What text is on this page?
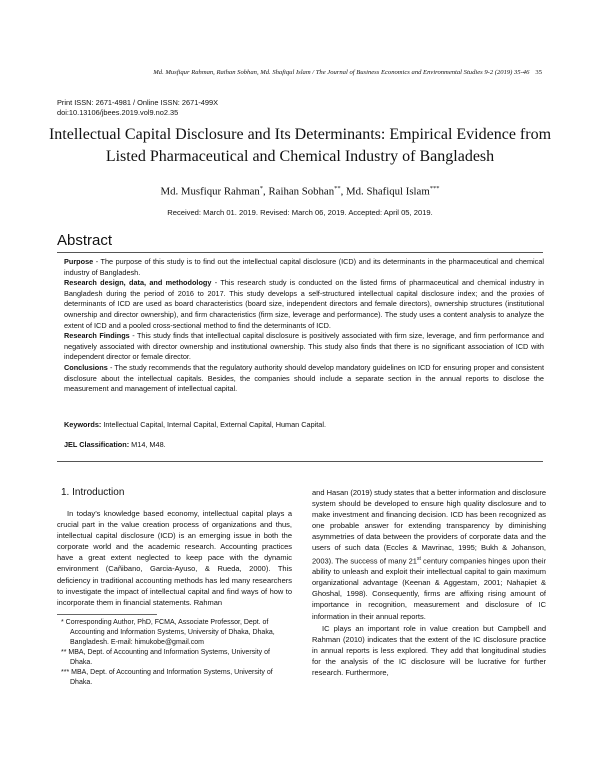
Md. Musfiqur Rahman, Raihan Sobhan, Md. Shafiqul Islam / The Journal of Business Economics and Environmental Studies 9-2 (2019) 35-46 35
Print ISSN: 2671-4981 / Online ISSN: 2671-499X
doi:10.13106/jbees.2019.vol9.no2.35
Intellectual Capital Disclosure and Its Determinants: Empirical Evidence from
Listed Pharmaceutical and Chemical Industry of Bangladesh
Md. Musfiqur Rahman*, Raihan Sobhan**, Md. Shafiqul Islam***
Received: March 01. 2019. Revised: March 06, 2019. Accepted: April 05, 2019.
Abstract

Purpose - The purpose of this study is to find out the intellectual capital disclosure (ICD) and its determinants in the pharmaceutical and chemical industry of Bangladesh.

Research design, data, and methodology - This research study is conducted on the listed firms of pharmaceutical and chemical industry in Bangladesh during the period of 2016 to 2017. This study develops a self-structured intellectual capital disclosure index; and the proxies of determinants of ICD are used as board characteristics (board size, independent directors and female directors), ownership structures (institutional ownership and director ownership), and firm characteristics (firm size, leverage and performance). The study uses a content analysis to analyze the extent of ICD and a pooled cross-sectional method to find the determinants of ICD.

Research Findings - This study finds that intellectual capital disclosure is positively associated with firm size, leverage, and firm performance and negatively associated with director ownership and institutional ownership. This study also finds that there is no significant association of ICD with independent director or female director.

Conclusions - The study recommends that the regulatory authority should develop mandatory guidelines on ICD for ensuring proper and consistent disclosure about the intellectual capitals. Besides, the companies should include a separate section in the annual reports to disclose the measurement and management of intellectual capital.

Keywords: Intellectual Capital, Internal Capital, External Capital, Human Capital.
JEL Classification: M14, M48.
1. Introduction

In today’s knowledge based economy, intellectual capital plays a crucial part in the value creation process of organizations and thus, intellectual capital disclosure (ICD) is an emerging issue in both the corporate world and the academic research. Accounting practices have a great extent neglected to keep pace with the dynamic environment (Cañibano, Garcia-Ayuso, & Rueda, 2000). This deficiency in traditional accounting methods has led many researchers to investigate the impact of intellectual capital and find ways of how to incorporate them in financial statements. Rahman

* Corresponding Author, PhD, FCMA, Associate Professor, Dept. of Accounting and Information Systems, University of Dhaka, Dhaka, Bangladesh. E-mail: himukobe@gmail.com

** MBA, Dept. of Accounting and Information Systems, University of Dhaka.

*** MBA, Dept. of Accounting and Information Systems, University of Dhaka.

and Hasan (2019) study states that a better information and disclosure system should be developed to ensure high quality disclosure and to make investment and financing decision. ICD has been recognized as one probable answer for extending transparency by diminishing asymmetries of data between the providers of corporate data and the users of such data (Eccles & Mavrinac, 1995; Bukh & Johanson, 2003). The success of many 21st century companies hinges upon their ability to unleash and exploit their intellectual capital to gain maximum organizational advantage (Keenan & Aggestam, 2001; Nahapiet & Ghoshal, 1998). Consequently, firms are affixing rising amount of importance in recognition, measurement and disclosure of IC information in their annual reports.

IC plays an important role in value creation but Campbell and Rahman (2010) indicates that the extent of the IC disclosure practice in annual reports is less explored. They add that longitudinal studies for the analysis of the IC disclosure will be lucrative for further research. Furthermore,
